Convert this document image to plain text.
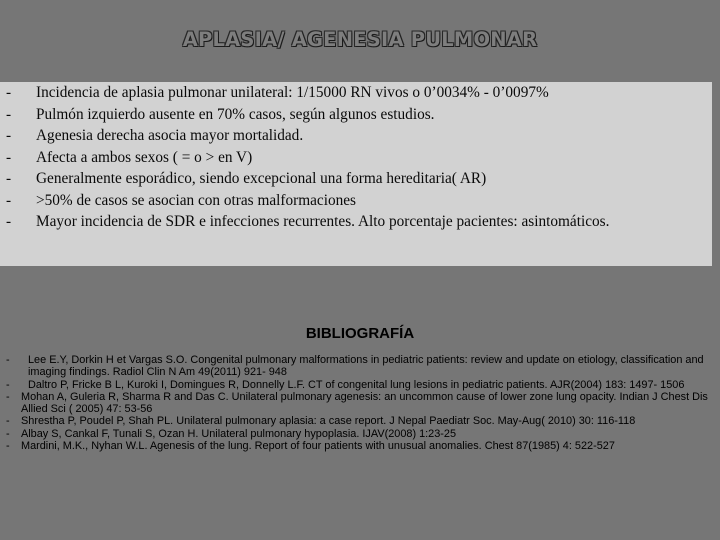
APLASIA/ AGENESIA PULMONAR
- Incidencia de aplasia pulmonar unilateral: 1/15000 RN vivos o 0’0034% - 0’0097%
- Pulmón izquierdo ausente en 70% casos, según algunos estudios.
- Agenesia derecha asocia mayor mortalidad.
- Afecta a ambos sexos ( = o > en V)
- Generalmente esporádico, siendo excepcional una forma hereditaria( AR)
- >50% de casos se asocian con otras malformaciones
- Mayor incidencia de SDR e infecciones recurrentes. Alto porcentaje pacientes: asintomáticos.
BIBLIOGRAFÍA
- Lee E.Y, Dorkin H et Vargas S.O. Congenital pulmonary malformations in pediatric patients: review and update on etiology, classification and imaging findings. Radiol Clin N Am 49(2011) 921- 948
- Daltro P, Fricke B L, Kuroki I, Domingues R, Donnelly L.F. CT of congenital lung lesions in pediatric patients. AJR(2004) 183: 1497- 1506
- Mohan A, Guleria R, Sharma R and Das C. Unilateral pulmonary agenesis: an uncommon cause of lower zone lung opacity. Indian J Chest Dis Allied Sci ( 2005) 47: 53-56
- Shrestha P, Poudel P, Shah PL. Unilateral pulmonary aplasia: a case report. J Nepal Paediatr Soc. May-Aug( 2010) 30: 116-118
- Albay S, Cankal F, Tunali S, Ozan H. Unilateral pulmonary hypoplasia. IJAV(2008) 1:23-25
- Mardini, M.K., Nyhan W.L. Agenesis of the lung. Report of four patients with unusual anomalies. Chest 87(1985) 4: 522-527
